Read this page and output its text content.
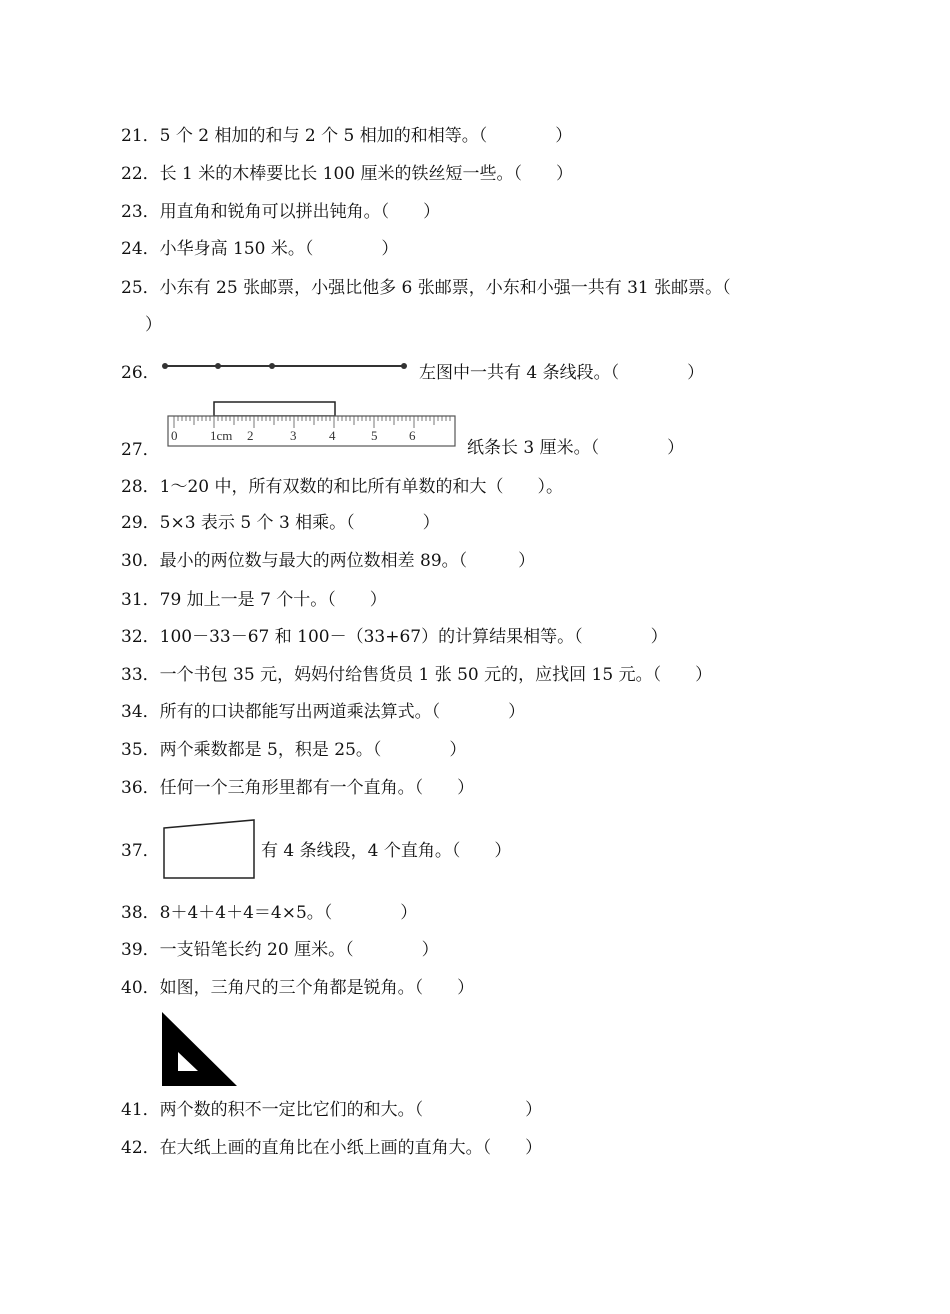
21．5 个 2 相加的和与 2 个 5 相加的和相等。（　　　　）
22．长 1 米的木棒要比长 100 厘米的铁丝短一些。（　　）
23．用直角和锐角可以拼出钝角。（　　）
24．小华身高 150 米。（　　　　）
25．小东有 25 张邮票，小强比他多 6 张邮票，小东和小强一共有 31 张邮票。（
）
26．	左图中一共有 4 条线段。（　　　　）
27．
0	1cm 2	3	4	5 6
纸条长 3 厘米。（　　　　）
28．1～20 中，所有双数的和比所有单数的和大（　　）。
29．5×3 表示 5 个 3 相乘。（　　　　）
30．最小的两位数与最大的两位数相差 89。（　　　）
31．79 加上一是 7 个十。（　　）
32．100－33－67 和 100－（33+67）的计算结果相等。（　　　　）
33．一个书包 35 元，妈妈付给售货员 1 张 50 元的，应找回 15 元。（　　）
34．所有的口诀都能写出两道乘法算式。（　　　　）
35．两个乘数都是 5，积是 25。（　　　　）
36．任何一个三角形里都有一个直角。（　　）
37．	有 4 条线段，4 个直角。（　　）
38．8＋4＋4＋4＝4×5。（　　　　）
39．一支铅笔长约 20 厘米。（　　　　）
40．如图，三角尺的三个角都是锐角。（　　）
41．两个数的积不一定比它们的和大。（　　　　　　）
42．在大纸上画的直角比在小纸上画的直角大。（　　）
